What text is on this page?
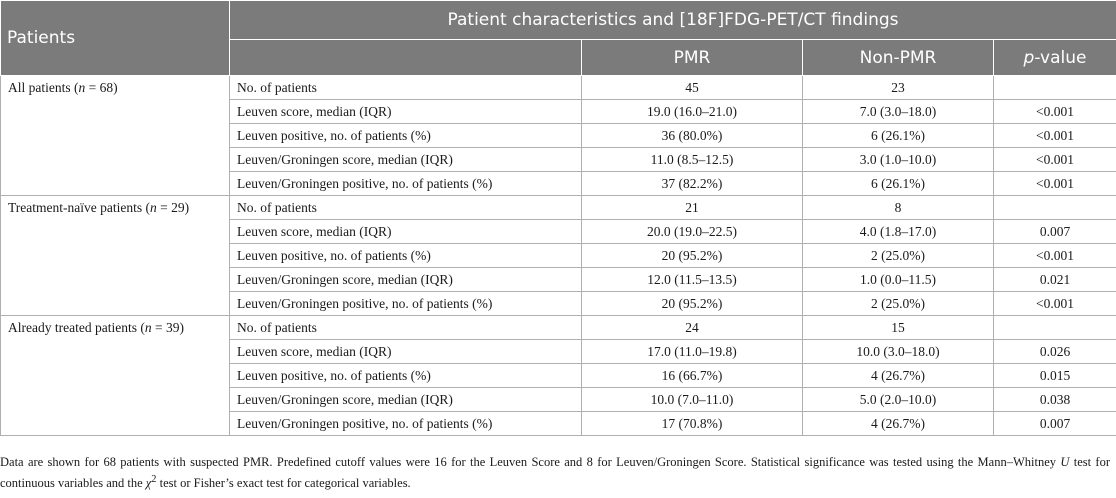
Patients	Patient characteristics and [18F]FDG-PET/CT findings			
		PMR	Non-PMR	p-value
All patients (n = 68)	No. of patients	45	23	
	Leuven score, median (IQR)	19.0 (16.0–21.0)	7.0 (3.0–18.0)	<0.001
	Leuven positive, no. of patients (%)	36 (80.0%)	6 (26.1%)	<0.001
	Leuven/Groningen score, median (IQR)	11.0 (8.5–12.5)	3.0 (1.0–10.0)	<0.001
	Leuven/Groningen positive, no. of patients (%)	37 (82.2%)	6 (26.1%)	<0.001
Treatment-naïve patients (n = 29)	No. of patients	21	8	
	Leuven score, median (IQR)	20.0 (19.0–22.5)	4.0 (1.8–17.0)	0.007
	Leuven positive, no. of patients (%)	20 (95.2%)	2 (25.0%)	<0.001
	Leuven/Groningen score, median (IQR)	12.0 (11.5–13.5)	1.0 (0.0–11.5)	0.021
	Leuven/Groningen positive, no. of patients (%)	20 (95.2%)	2 (25.0%)	<0.001
Already treated patients (n = 39)	No. of patients	24	15	
	Leuven score, median (IQR)	17.0 (11.0–19.8)	10.0 (3.0–18.0)	0.026
	Leuven positive, no. of patients (%)	16 (66.7%)	4 (26.7%)	0.015
	Leuven/Groningen score, median (IQR)	10.0 (7.0–11.0)	5.0 (2.0–10.0)	0.038
	Leuven/Groningen positive, no. of patients (%)	17 (70.8%)	4 (26.7%)	0.007
Data are shown for 68 patients with suspected PMR. Predefined cutoff values were 16 for the Leuven Score and 8 for Leuven/Groningen Score. Statistical significance was tested using the Mann–Whitney U test for continuous variables and the $\chi^2$ test or Fisher’s exact test for categorical variables.
